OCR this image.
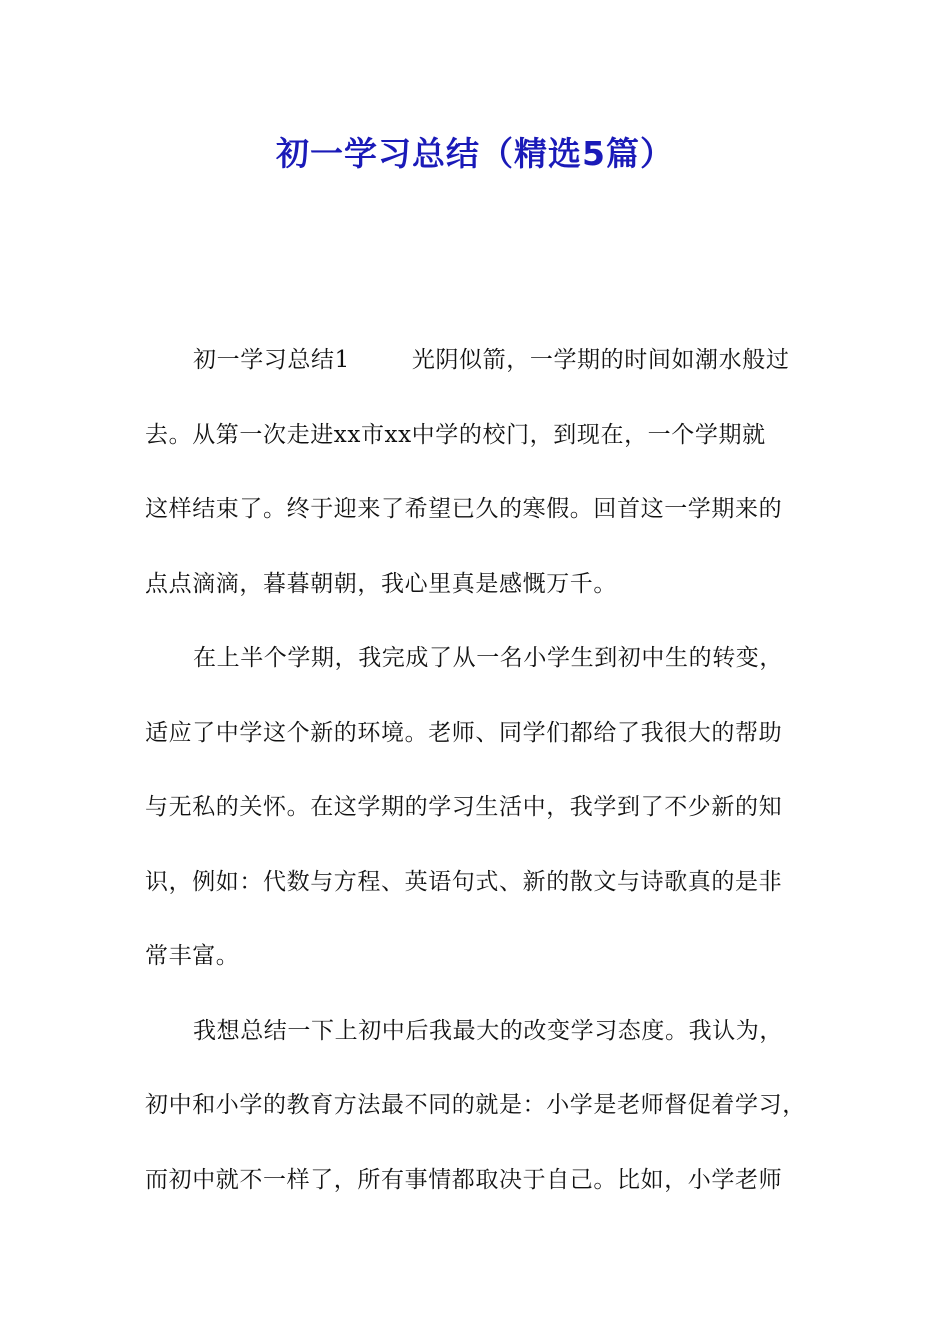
初一学习总结（精选5篇）
初一学习总结1	光阴似箭，一学期的时间如潮水般过
去。从第一次走进xx市xx中学的校门，到现在，一个学期就
这样结束了。终于迎来了希望已久的寒假。回首这一学期来的
点点滴滴，暮暮朝朝，我心里真是感慨万千。
在上半个学期，我完成了从一名小学生到初中生的转变，
适应了中学这个新的环境。老师、同学们都给了我很大的帮助
与无私的关怀。在这学期的学习生活中，我学到了不少新的知
识，例如：代数与方程、英语句式、新的散文与诗歌真的是非
常丰富。
我想总结一下上初中后我最大的改变学习态度。我认为，
初中和小学的教育方法最不同的就是：小学是老师督促着学习，
而初中就不一样了，所有事情都取决于自己。比如，小学老师
